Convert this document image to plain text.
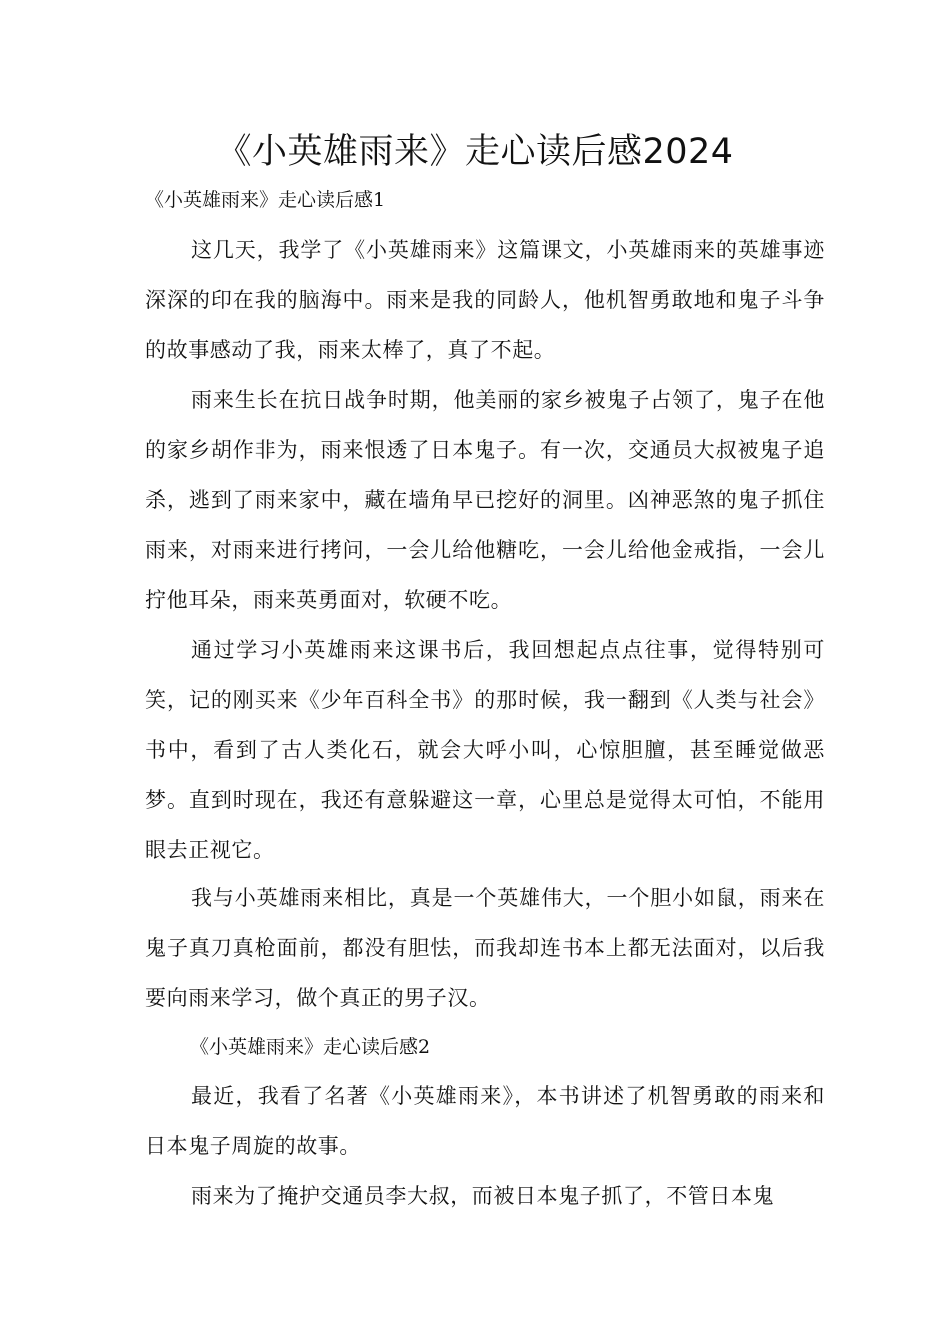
《小英雄雨来》走心读后感2024

《小英雄雨来》走心读后感1

这几天，我学了《小英雄雨来》这篇课文，小英雄雨来的英雄事迹深深的印在我的脑海中。雨来是我的同龄人，他机智勇敢地和鬼子斗争的故事感动了我，雨来太棒了，真了不起。

雨来生长在抗日战争时期，他美丽的家乡被鬼子占领了，鬼子在他的家乡胡作非为，雨来恨透了日本鬼子。有一次，交通员大叔被鬼子追杀，逃到了雨来家中，藏在墙角早已挖好的洞里。凶神恶煞的鬼子抓住雨来，对雨来进行拷问，一会儿给他糖吃，一会儿给他金戒指，一会儿拧他耳朵，雨来英勇面对，软硬不吃。

通过学习小英雄雨来这课书后，我回想起点点往事，觉得特别可笑，记的刚买来《少年百科全书》的那时候，我一翻到《人类与社会》书中，看到了古人类化石，就会大呼小叫，心惊胆膻，甚至睡觉做恶梦。直到时现在，我还有意躲避这一章，心里总是觉得太可怕，不能用眼去正视它。

我与小英雄雨来相比，真是一个英雄伟大，一个胆小如鼠，雨来在鬼子真刀真枪面前，都没有胆怯，而我却连书本上都无法面对，以后我要向雨来学习，做个真正的男子汉。

《小英雄雨来》走心读后感2

最近，我看了名著《小英雄雨来》，本书讲述了机智勇敢的雨来和日本鬼子周旋的故事。

雨来为了掩护交通员李大叔，而被日本鬼子抓了，不管日本鬼
